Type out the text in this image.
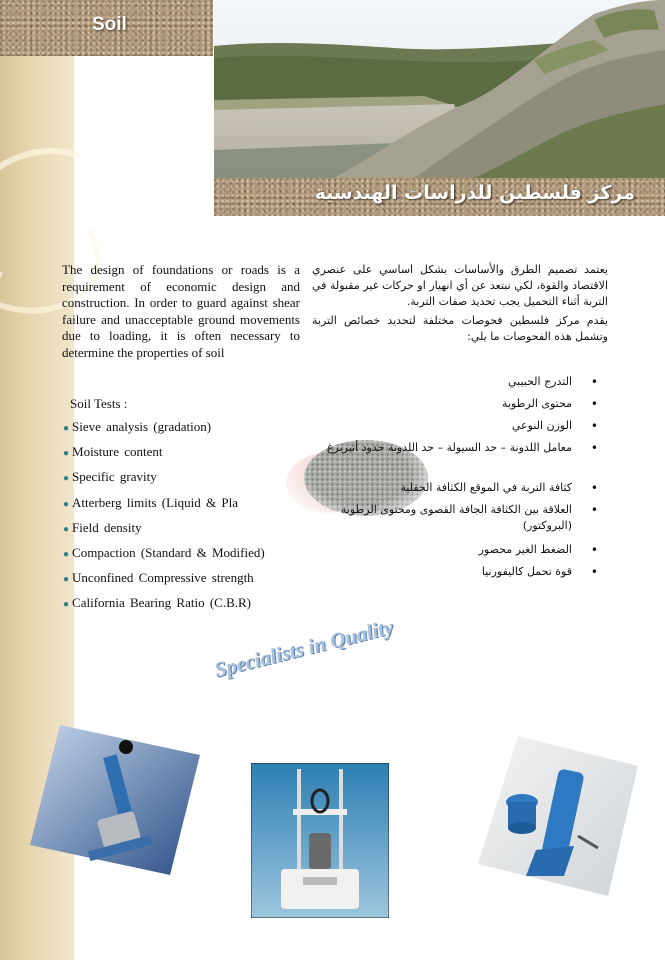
Soil
مركز فلسطين للدراسات الهندسية
The design of foundations or roads is a requirement of economic design and construction. In order to guard against shear failure and unacceptable ground movements due to loading, it is often necessary to determine the properties of soil
Soil Tests :
● Sieve analysis (gradation)
● Moisture content
● Specific gravity
● Atterberg limits (Liquid & Pla
● Field density
● Compaction (Standard & Modified)
● Unconfined Compressive strength
● California Bearing Ratio (C.B.R)

يعتمد تصميم الطرق والأساسات بشكل اساسي على عنصري الاقتصاد والقوة، لكي نبتعد عن أي انهيار او حركات غير مقبولة في التربة أثناء التحميل يجب تحديد صفات التربة.

يقدم مركز فلسطين فحوصات مختلفة لتحديد خصائص التربة وتشمل هذه الفحوصات ما يلي:

• التدرج الحبيبي
• محتوى الرطوبة
• الوزن النوعي
• معامل اللدونة – حد السيولة – حد اللدونة حدود أتيربرغ
• كثافة التربة في الموقع الكثافة الحقلية
• العلاقة بين الكثافة الجافة القصوى ومحتوى الرطوبة (البروكتور)
• الضغط الغير محصور
• قوة تحمل كاليفورنيا
Specialists in Quality
